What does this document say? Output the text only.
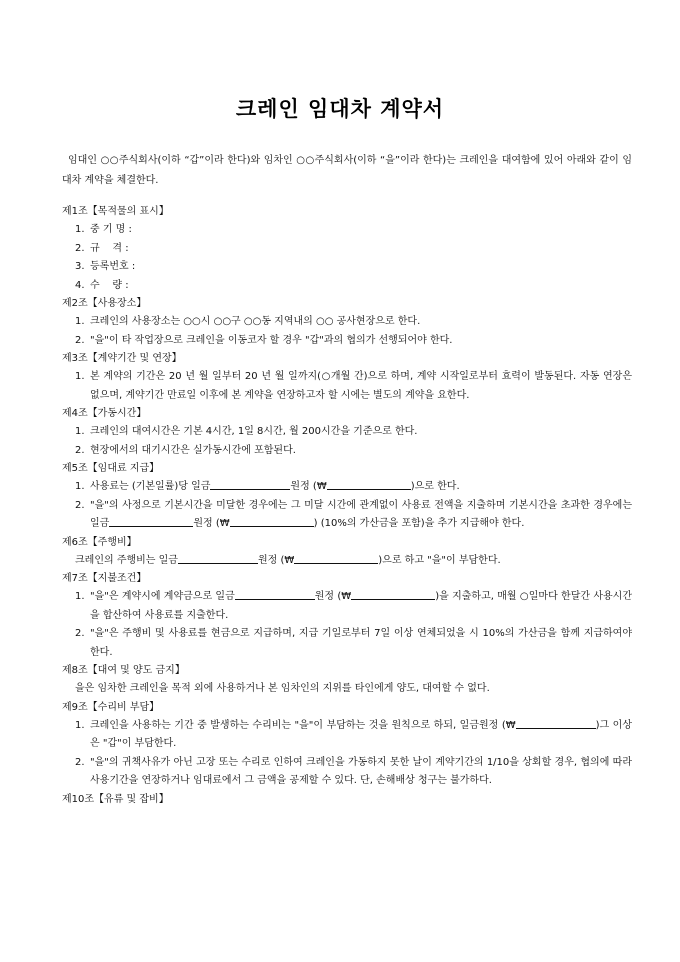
크레인 임대차 계약서

임대인 ○○주식회사(이하 “갑”이라 한다)와 임차인 ○○주식회사(이하 “을”이라 한다)는 크레인을 대여함에 있어 아래와 같이 임대차 계약을 체결한다.

제1조【목적물의 표시】
1. 중 기 명 :
2. 규    격 :
3. 등록번호 :
4. 수    량 :
제2조【사용장소】
1. 크레인의 사용장소는 ○○시 ○○구 ○○동 지역내의 ○○ 공사현장으로 한다.
2. "을"이 타 작업장으로 크레인을 이동코자 할 경우 "갑"과의 협의가 선행되어야 한다.
제3조【계약기간 및 연장】
1. 본 계약의 기간은 20 년 월 일부터 20 년 월 일까지(○개월 간)으로 하며, 계약 시작일로부터 효력이 발동된다. 자동 연장은 없으며, 계약기간 만료일 이후에 본 계약을 연장하고자 할 시에는 별도의 계약을 요한다.
제4조【가동시간】
1. 크레인의 대여시간은 기본 4시간, 1일 8시간, 월 200시간을 기준으로 한다.
2. 현장에서의 대기시간은 실가동시간에 포함된다.
제5조【임대료 지급】
1. 사용료는 (기본일률)당 일금	원정 (₩	)으로 한다.
2. "을"의 사정으로 기본시간을 미달한 경우에는 그 미달 시간에 관계없이 사용료 전액을 지출하며 기본시간을 초과한 경우에는 일금	원정 (₩	) (10%의 가산금을 포함)을 추가 지급해야 한다.
제6조【주행비】
크레인의 주행비는 일금	원정 (₩	)으로 하고 "을"이 부담한다.
제7조【지불조건】
1. "을"은 계약시에 계약금으로 일금	원정 (₩	)을 지출하고, 매월 ○일마다 한달간 사용시간을 합산하여 사용료를 지출한다.
2. "을"은 주행비 및 사용료를 현금으로 지급하며, 지급 기일로부터 7일 이상 연체되었을 시 10%의 가산금을 함께 지급하여야 한다.
제8조【대여 및 양도 금지】
을은 임차한 크레인을 목적 외에 사용하거나 본 임차인의 지위를 타인에게 양도, 대여할 수 없다.
제9조【수리비 부담】
1. 크레인을 사용하는 기간 중 발생하는 수리비는 "을"이 부담하는 것을 원칙으로 하되, 일금원정 (₩	)그 이상은 "갑"이 부담한다.
2. "을"의 귀책사유가 아닌 고장 또는 수리로 인하여 크레인을 가동하지 못한 날이 계약기간의 1/10을 상회할 경우, 협의에 따라 사용기간을 연장하거나 임대료에서 그 금액을 공제할 수 있다. 단, 손해배상 청구는 불가하다.
제10조【유류 및 잡비】
